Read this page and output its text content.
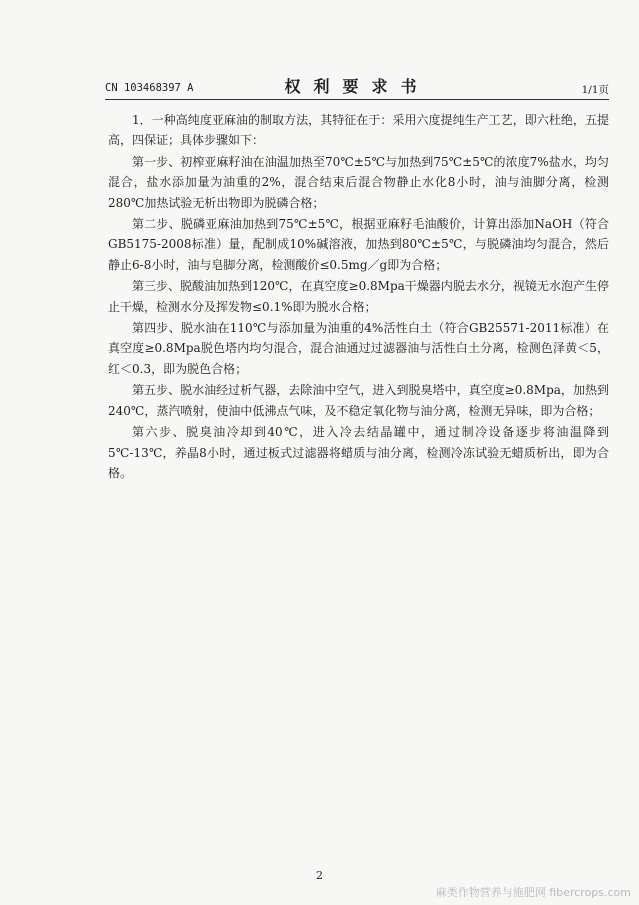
CN 103468397 A	权利要求书	1/1页

1．一种高纯度亚麻油的制取方法，其特征在于：采用六度提纯生产工艺，即六杜绝，五提高，四保证；具体步骤如下：

第一步、初榨亚麻籽油在油温加热至70℃±5℃与加热到75℃±5℃的浓度7%盐水，均匀混合，盐水添加量为油重的2%，混合结束后混合物静止水化8小时，油与油脚分离，检测280℃加热试验无析出物即为脱磷合格；

第二步、脱磷亚麻油加热到75℃±5℃，根据亚麻籽毛油酸价，计算出添加NaOH（符合GB5175-2008标准）量，配制成10%碱溶液，加热到80℃±5℃，与脱磷油均匀混合，然后静止6-8小时，油与皂脚分离，检测酸价≤0.5mg／g即为合格；

第三步、脱酸油加热到120℃，在真空度≥0.8Mpa干燥器内脱去水分，视镜无水泡产生停止干燥，检测水分及挥发物≤0.1%即为脱水合格；

第四步、脱水油在110℃与添加量为油重的4%活性白土（符合GB25571-2011标准）在真空度≥0.8Mpa脱色塔内均匀混合，混合油通过过滤器油与活性白土分离，检测色泽黄＜5，红＜0.3，即为脱色合格；

第五步、脱水油经过析气器，去除油中空气，进入到脱臭塔中，真空度≥0.8Mpa，加热到240℃，蒸汽喷射，使油中低沸点气味，及不稳定氧化物与油分离，检测无异味，即为合格；

第六步、脱臭油冷却到40℃，进入冷去结晶罐中，通过制冷设备逐步将油温降到5℃-13℃，养晶8小时，通过板式过滤器将蜡质与油分离，检测冷冻试验无蜡质析出，即为合格。

2
麻类作物营养与施肥网 fibercrops.com
